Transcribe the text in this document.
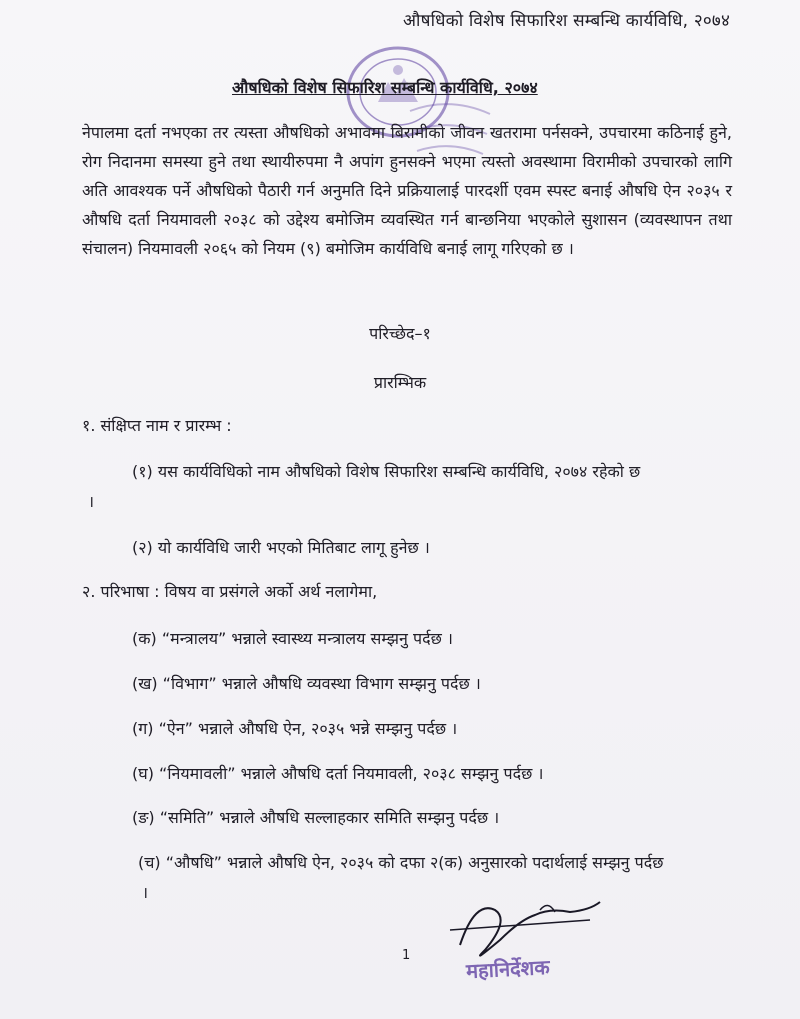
औषधिको विशेष सिफारिश सम्बन्धि कार्यविधि, २०७४
औषधिको विशेष सिफारिश सम्बन्धि कार्यविधि, २०७४
नेपालमा दर्ता नभएका तर त्यस्ता औषधिको अभावमा बिरामीको जीवन खतरामा पर्नसक्ने, उपचारमा कठिनाई हुने, रोग निदानमा समस्या हुने तथा स्थायीरुपमा नै अपांग हुनसक्ने भएमा त्यस्तो अवस्थामा विरामीको उपचारको लागि अति आवश्यक पर्ने औषधिको पैठारी गर्न अनुमति दिने प्रक्रियालाई पारदर्शी एवम स्पस्ट बनाई औषधि ऐन २०३५ र औषधि दर्ता नियमावली २०३८ को उद्देश्य बमोजिम व्यवस्थित गर्न बान्छनिया भएकोले सुशासन (व्यवस्थापन तथा संचालन) नियमावली २०६५ को नियम (९) बमोजिम कार्यविधि बनाई लागू गरिएको छ ।
परिच्छेद–१
प्रारम्भिक
१. संक्षिप्त नाम र प्रारम्भ :
(१) यस कार्यविधिको नाम औषधिको विशेष सिफारिश सम्बन्धि कार्यविधि, २०७४ रहेको छ
।
(२) यो कार्यविधि जारी भएको मितिबाट लागू हुनेछ ।
२. परिभाषा : विषय वा प्रसंगले अर्को अर्थ नलागेमा,
(क) “मन्त्रालय” भन्नाले स्वास्थ्य मन्त्रालय सम्झनु पर्दछ ।
(ख) “विभाग” भन्नाले औषधि व्यवस्था विभाग सम्झनु पर्दछ ।
(ग) “ऐन” भन्नाले औषधि ऐन, २०३५ भन्ने सम्झनु पर्दछ ।
(घ) “नियमावली” भन्नाले औषधि दर्ता नियमावली, २०३८ सम्झनु पर्दछ ।
(ङ) “समिति” भन्नाले औषधि सल्लाहकार समिति सम्झनु पर्दछ ।
(च) “औषधि” भन्नाले औषधि ऐन, २०३५ को दफा २(क) अनुसारको पदार्थलाई सम्झनु पर्दछ
।
1	महानिर्देशक
